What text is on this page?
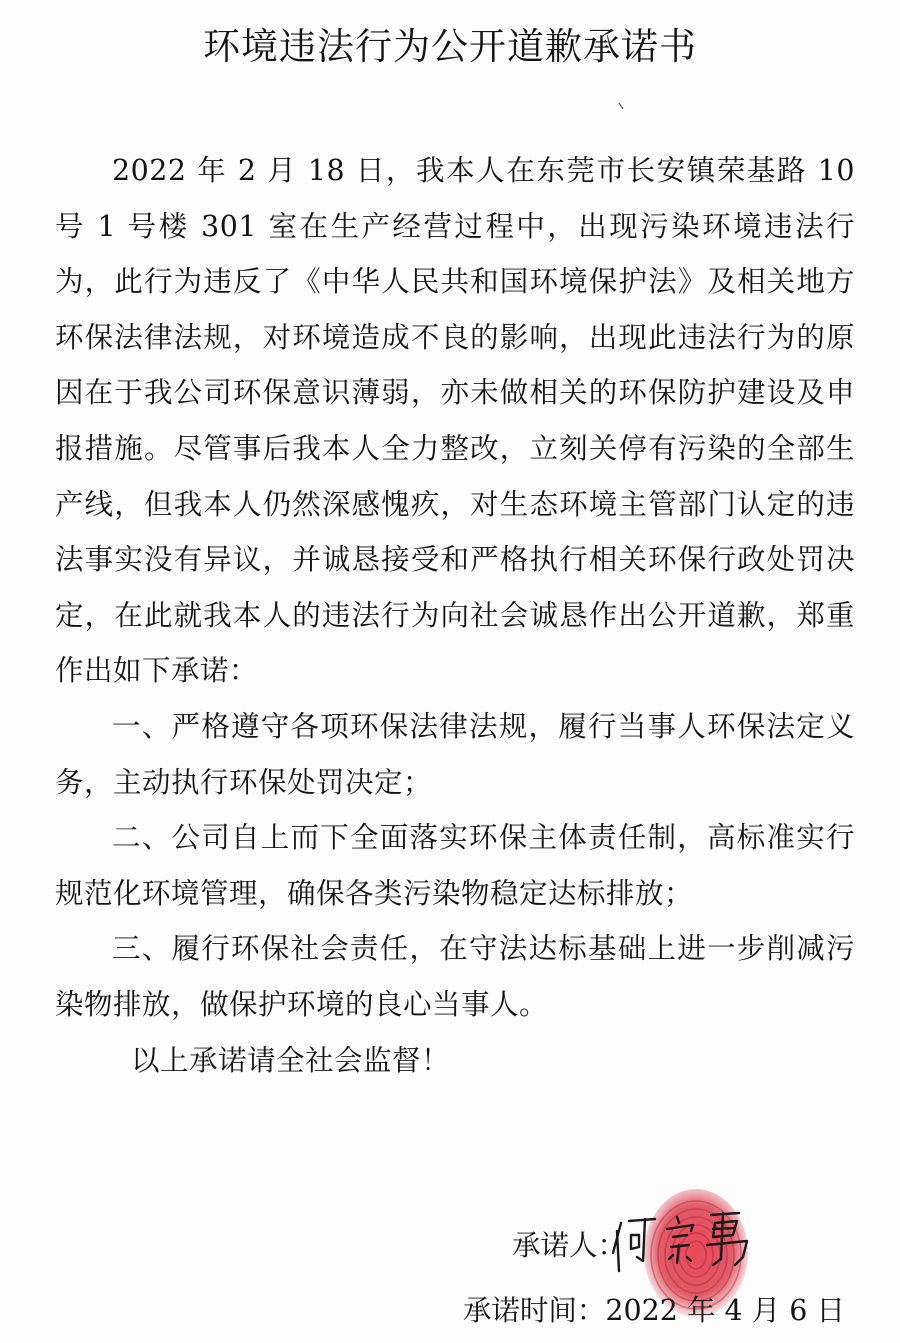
环境违法行为公开道歉承诺书

2022 年 2 月 18 日，我本人在东莞市长安镇荣基路 10 号 1 号楼 301 室在生产经营过程中，出现污染环境违法行为，此行为违反了《中华人民共和国环境保护法》及相关地方环保法律法规，对环境造成不良的影响，出现此违法行为的原因在于我公司环保意识薄弱，亦未做相关的环保防护建设及申报措施。尽管事后我本人全力整改，立刻关停有污染的全部生产线，但我本人仍然深感愧疚，对生态环境主管部门认定的违法事实没有异议，并诚恳接受和严格执行相关环保行政处罚决定，在此就我本人的违法行为向社会诚恳作出公开道歉，郑重作出如下承诺：

一、严格遵守各项环保法律法规，履行当事人环保法定义务，主动执行环保处罚决定；

二、公司自上而下全面落实环保主体责任制，高标准实行规范化环境管理，确保各类污染物稳定达标排放；

三、履行环保社会责任，在守法达标基础上进一步削减污染物排放，做保护环境的良心当事人。

以上承诺请全社会监督！

承诺人：
承诺时间：2022 年 4 月 6 日
